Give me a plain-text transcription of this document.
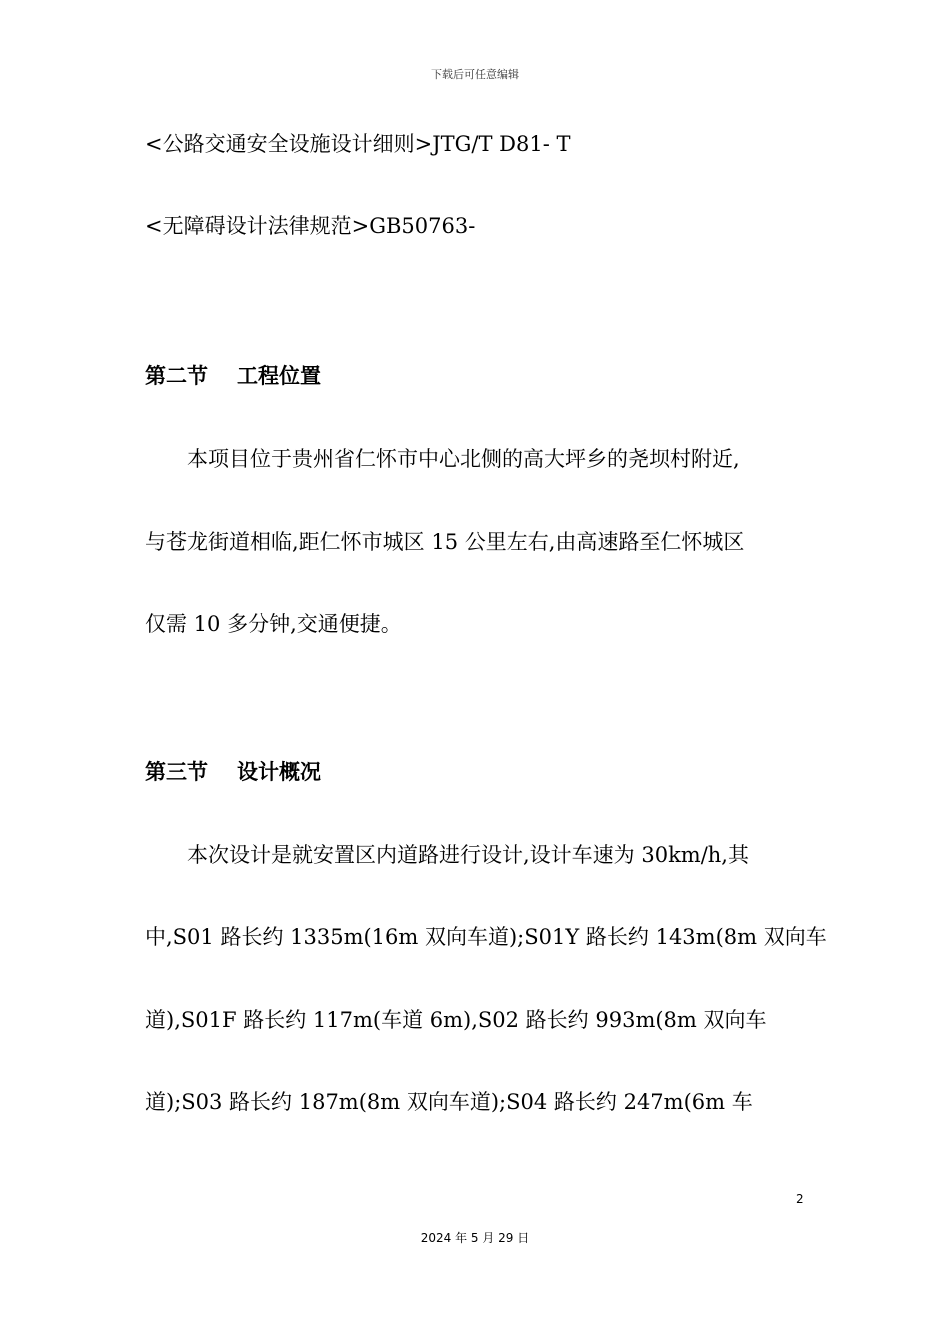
下载后可任意编辑
<公路交通安全设施设计细则>JTG/T D81- T
<无障碍设计法律规范>GB50763-
第二节 工程位置
本项目位于贵州省仁怀市中心北侧的高大坪乡的尧坝村附近,
与苍龙街道相临,距仁怀市城区 15 公里左右,由高速路至仁怀城区
仅需 10 多分钟,交通便捷。
第三节 设计概况
本次设计是就安置区内道路进行设计,设计车速为 30km/h,其
中,S01 路长约 1335m(16m 双向车道);S01Y 路长约 143m(8m 双向车
道),S01F 路长约 117m(车道 6m),S02 路长约 993m(8m 双向车
道);S03 路长约 187m(8m 双向车道);S04 路长约 247m(6m 车
2
2024 年 5 月 29 日
